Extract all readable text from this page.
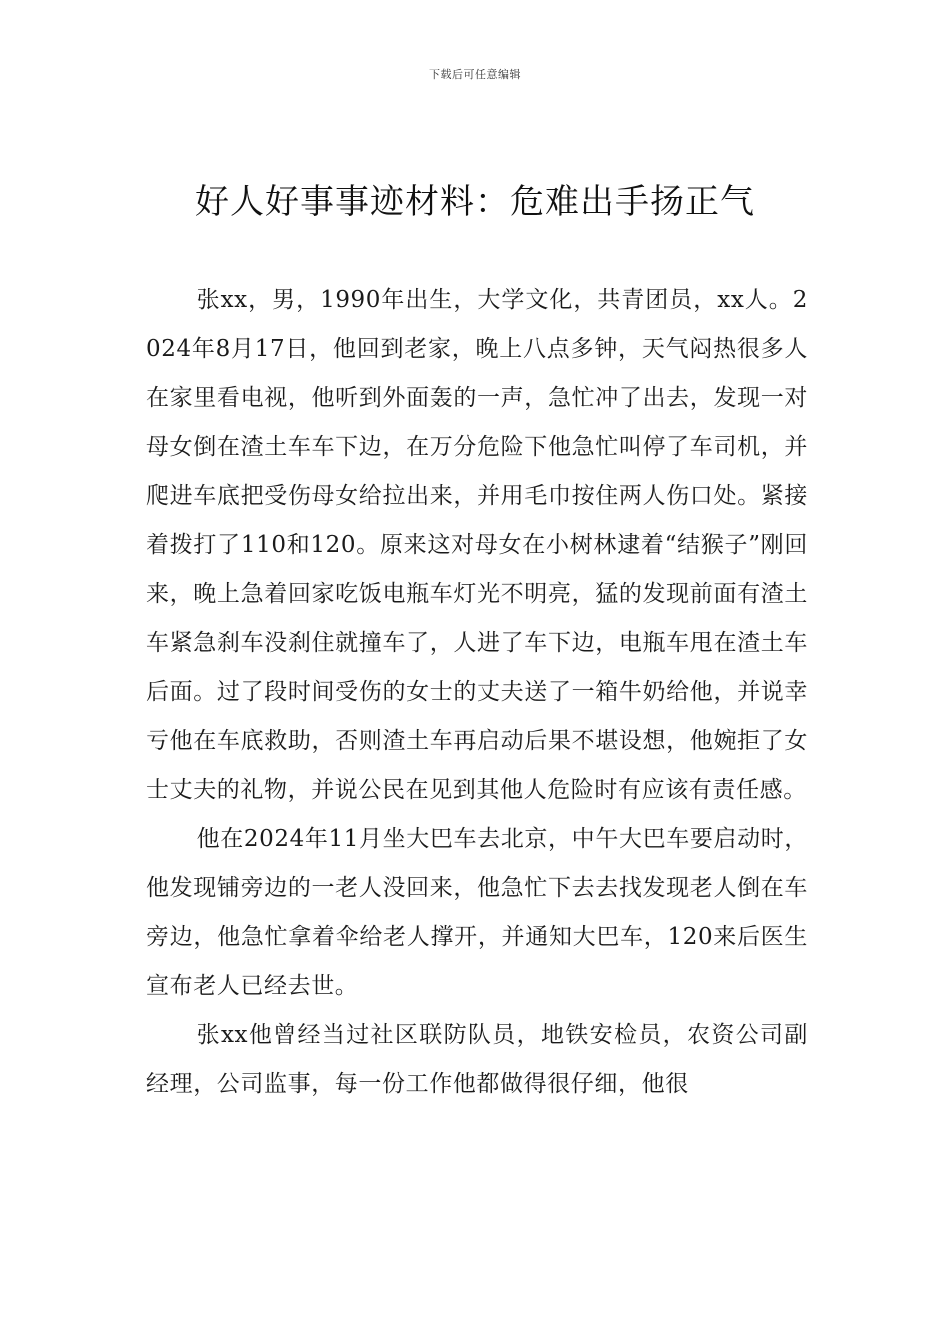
下载后可任意编辑
好人好事事迹材料：危难出手扬正气

张xx，男，1990年出生，大学文化，共青团员，xx人。2024年8月17日，他回到老家，晚上八点多钟，天气闷热很多人在家里看电视，他听到外面轰的一声，急忙冲了出去，发现一对母女倒在渣土车车下边，在万分危险下他急忙叫停了车司机，并爬进车底把受伤母女给拉出来，并用毛巾按住两人伤口处。紧接着拨打了110和120。原来这对母女在小树林逮着“结猴子”刚回来，晚上急着回家吃饭电瓶车灯光不明亮，猛的发现前面有渣土车紧急刹车没刹住就撞车了，人进了车下边，电瓶车甩在渣土车后面。过了段时间受伤的女士的丈夫送了一箱牛奶给他，并说幸亏他在车底救助，否则渣土车再启动后果不堪设想，他婉拒了女士丈夫的礼物，并说公民在见到其他人危险时有应该有责任感。

他在2024年11月坐大巴车去北京，中午大巴车要启动时，他发现铺旁边的一老人没回来，他急忙下去去找发现老人倒在车旁边，他急忙拿着伞给老人撑开，并通知大巴车，120来后医生宣布老人已经去世。

张xx他曾经当过社区联防队员，地铁安检员，农资公司副经理，公司监事，每一份工作他都做得很仔细，他很
